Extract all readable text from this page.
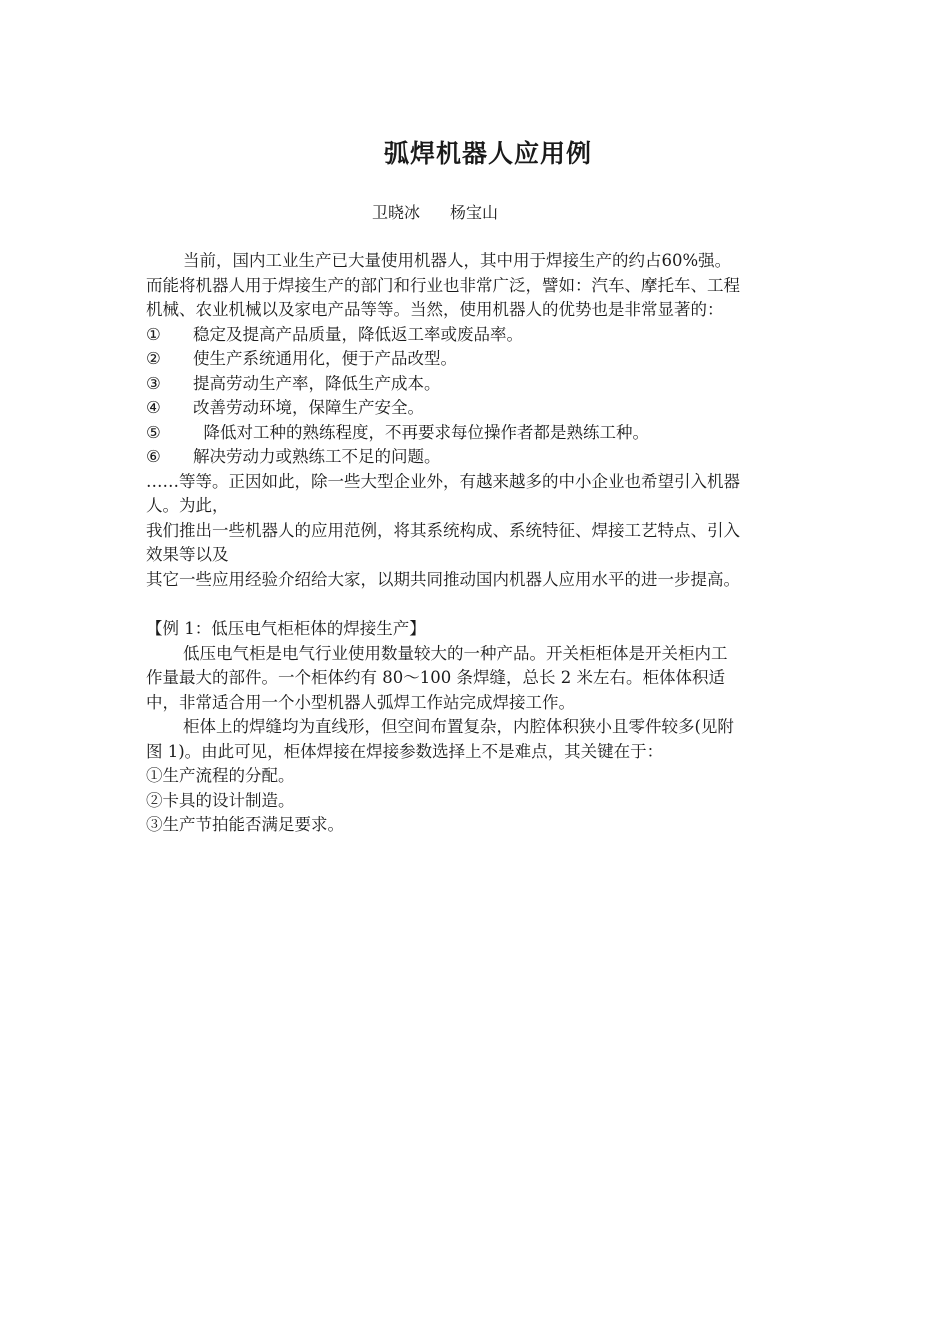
弧焊机器人应用例
卫晓冰 杨宝山

当前，国内工业生产已大量使用机器人，其中用于焊接生产的约占60%强。而能将机器人用于焊接生产的部门和行业也非常广泛，譬如：汽车、摩托车、工程机械、农业机械以及家电产品等等。当然，使用机器人的优势也是非常显著的：

①	稳定及提高产品质量，降低返工率或废品率。
②	使生产系统通用化，便于产品改型。
③	提高劳动生产率，降低生产成本。
④	改善劳动环境，保障生产安全。
⑤	降低对工种的熟练程度，不再要求每位操作者都是熟练工种。
⑥	解决劳动力或熟练工不足的问题。

……等等。正因如此，除一些大型企业外，有越来越多的中小企业也希望引入机器人。为此，

我们推出一些机器人的应用范例，将其系统构成、系统特征、焊接工艺特点、引入效果等以及

其它一些应用经验介绍给大家，以期共同推动国内机器人应用水平的进一步提高。

【例 1：低压电气柜柜体的焊接生产】

低压电气柜是电气行业使用数量较大的一种产品。开关柜柜体是开关柜内工作量最大的部件。一个柜体约有 80～100 条焊缝，总长 2 米左右。柜体体积适中，非常适合用一个小型机器人弧焊工作站完成焊接工作。

柜体上的焊缝均为直线形，但空间布置复杂，内腔体积狭小且零件较多(见附图 1)。由此可见，柜体焊接在焊接参数选择上不是难点，其关键在于：

①生产流程的分配。

②卡具的设计制造。

③生产节拍能否满足要求。
